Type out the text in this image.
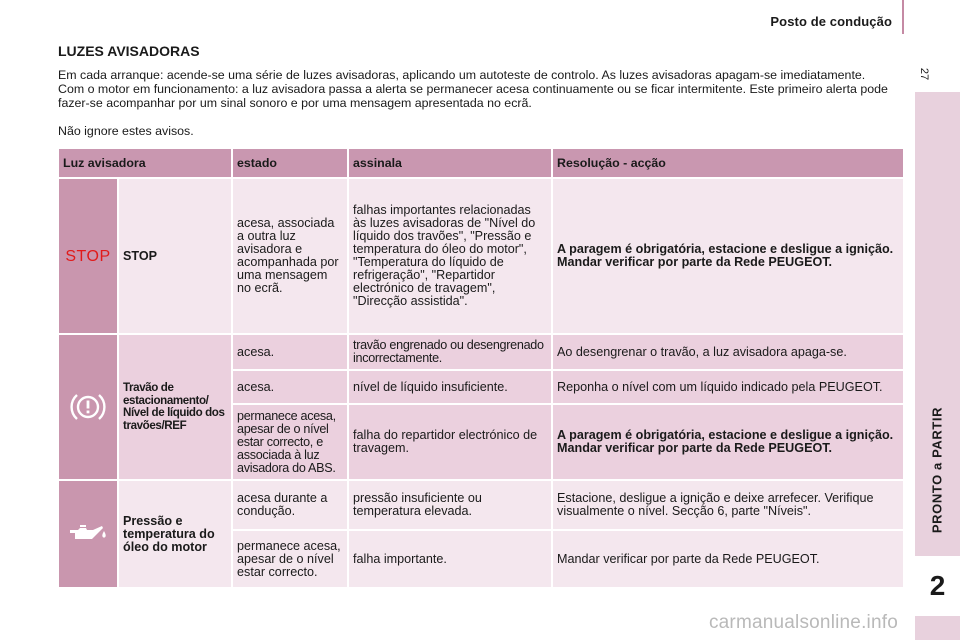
Posto de condução
27
PRONTO a PARTIR
2
LUZES AVISADORAS
Em cada arranque: acende-se uma série de luzes avisadoras, aplicando um autoteste de controlo. As luzes avisadoras apagam-se imediatamente. Com o motor em funcionamento: a luz avisadora passa a alerta se permanecer acesa continuamente ou se ficar intermitente. Este primeiro alerta pode fazer-se acompanhar por um sinal sonoro e por uma mensagem apresentada no ecrã.
Não ignore estes avisos.
Luz avisadora		estado	assinala	Resolução - acção

STOP	STOP	acesa, associada a outra luz avisadora e acompanhada por uma mensagem no ecrã.	falhas importantes relacionadas às luzes avisadoras de "Nível do líquido dos travões", "Pressão e temperatura do óleo do motor", "Temperatura do líquido de refrigeração", "Repartidor electrónico de travagem", "Direcção assistida".	A paragem é obrigatória, estacione e desligue a ignição. Mandar verificar por parte da Rede PEUGEOT.

	Travão de estacionamento/ Nível de líquido dos travões/REF	acesa.	travão engrenado ou desengrenado incorrectamente.	Ao desengrenar o travão, a luz avisadora apaga-se.
		acesa.	nível de líquido insuficiente.	Reponha o nível com um líquido indicado pela PEUGEOT.
		permanece acesa, apesar de o nível estar correcto, e associada à luz avisadora do ABS.	falha do repartidor electrónico de travagem.	A paragem é obrigatória, estacione e desligue a ignição. Mandar verificar por parte da Rede PEUGEOT.

	Pressão e temperatura do óleo do motor	acesa durante a condução.	pressão insuficiente ou temperatura elevada.	Estacione, desligue a ignição e deixe arrefecer. Verifique visualmente o nível. Secção 6, parte "Níveis".
		permanece acesa, apesar de o nível estar correcto.	falha importante.	Mandar verificar por parte da Rede PEUGEOT.
carmanualsonline.info
